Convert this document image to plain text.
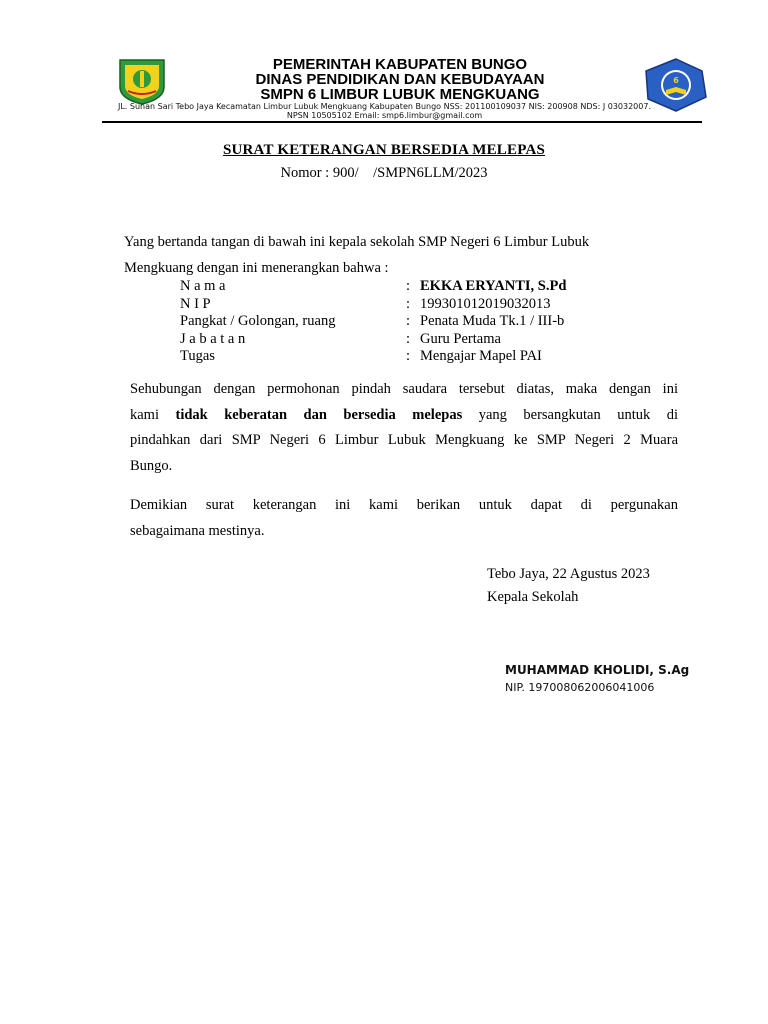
6
PEMERINTAH KABUPATEN BUNGO
DINAS PENDIDIKAN DAN KEBUDAYAAN
SMPN 6 LIMBUR LUBUK MENGKUANG
JL. Sunan Sari Tebo Jaya Kecamatan Limbur Lubuk Mengkuang Kabupaten Bungo NSS: 201100109037 NIS: 200908 NDS: J 03032007. NPSN 10505102 Email: smp6.limbur@gmail.com
SURAT KETERANGAN BERSEDIA MELEPAS
Nomor : 900/    /SMPN6LLM/2023
Yang bertanda tangan di bawah ini kepala sekolah SMP Negeri 6 Limbur Lubuk Mengkuang dengan ini menerangkan bahwa :
N a m a	: EKKA ERYANTI, S.Pd
N I P	: 199301012019032013
Pangkat / Golongan, ruang	: Penata Muda Tk.1 / III-b
J a b a t a n	: Guru Pertama
Tugas	: Mengajar Mapel PAI
Sehubungan dengan permohonan pindah saudara tersebut diatas, maka dengan ini
kami tidak keberatan dan bersedia melepas yang bersangkutan untuk di
pindahkan dari SMP Negeri 6 Limbur Lubuk Mengkuang ke SMP Negeri 2 Muara
Bungo.
Demikian surat keterangan ini kami berikan untuk dapat di pergunakan
sebagaimana mestinya.
Tebo Jaya, 22 Agustus 2023
Kepala Sekolah
MUHAMMAD KHOLIDI, S.Ag
NIP. 197008062006041006
